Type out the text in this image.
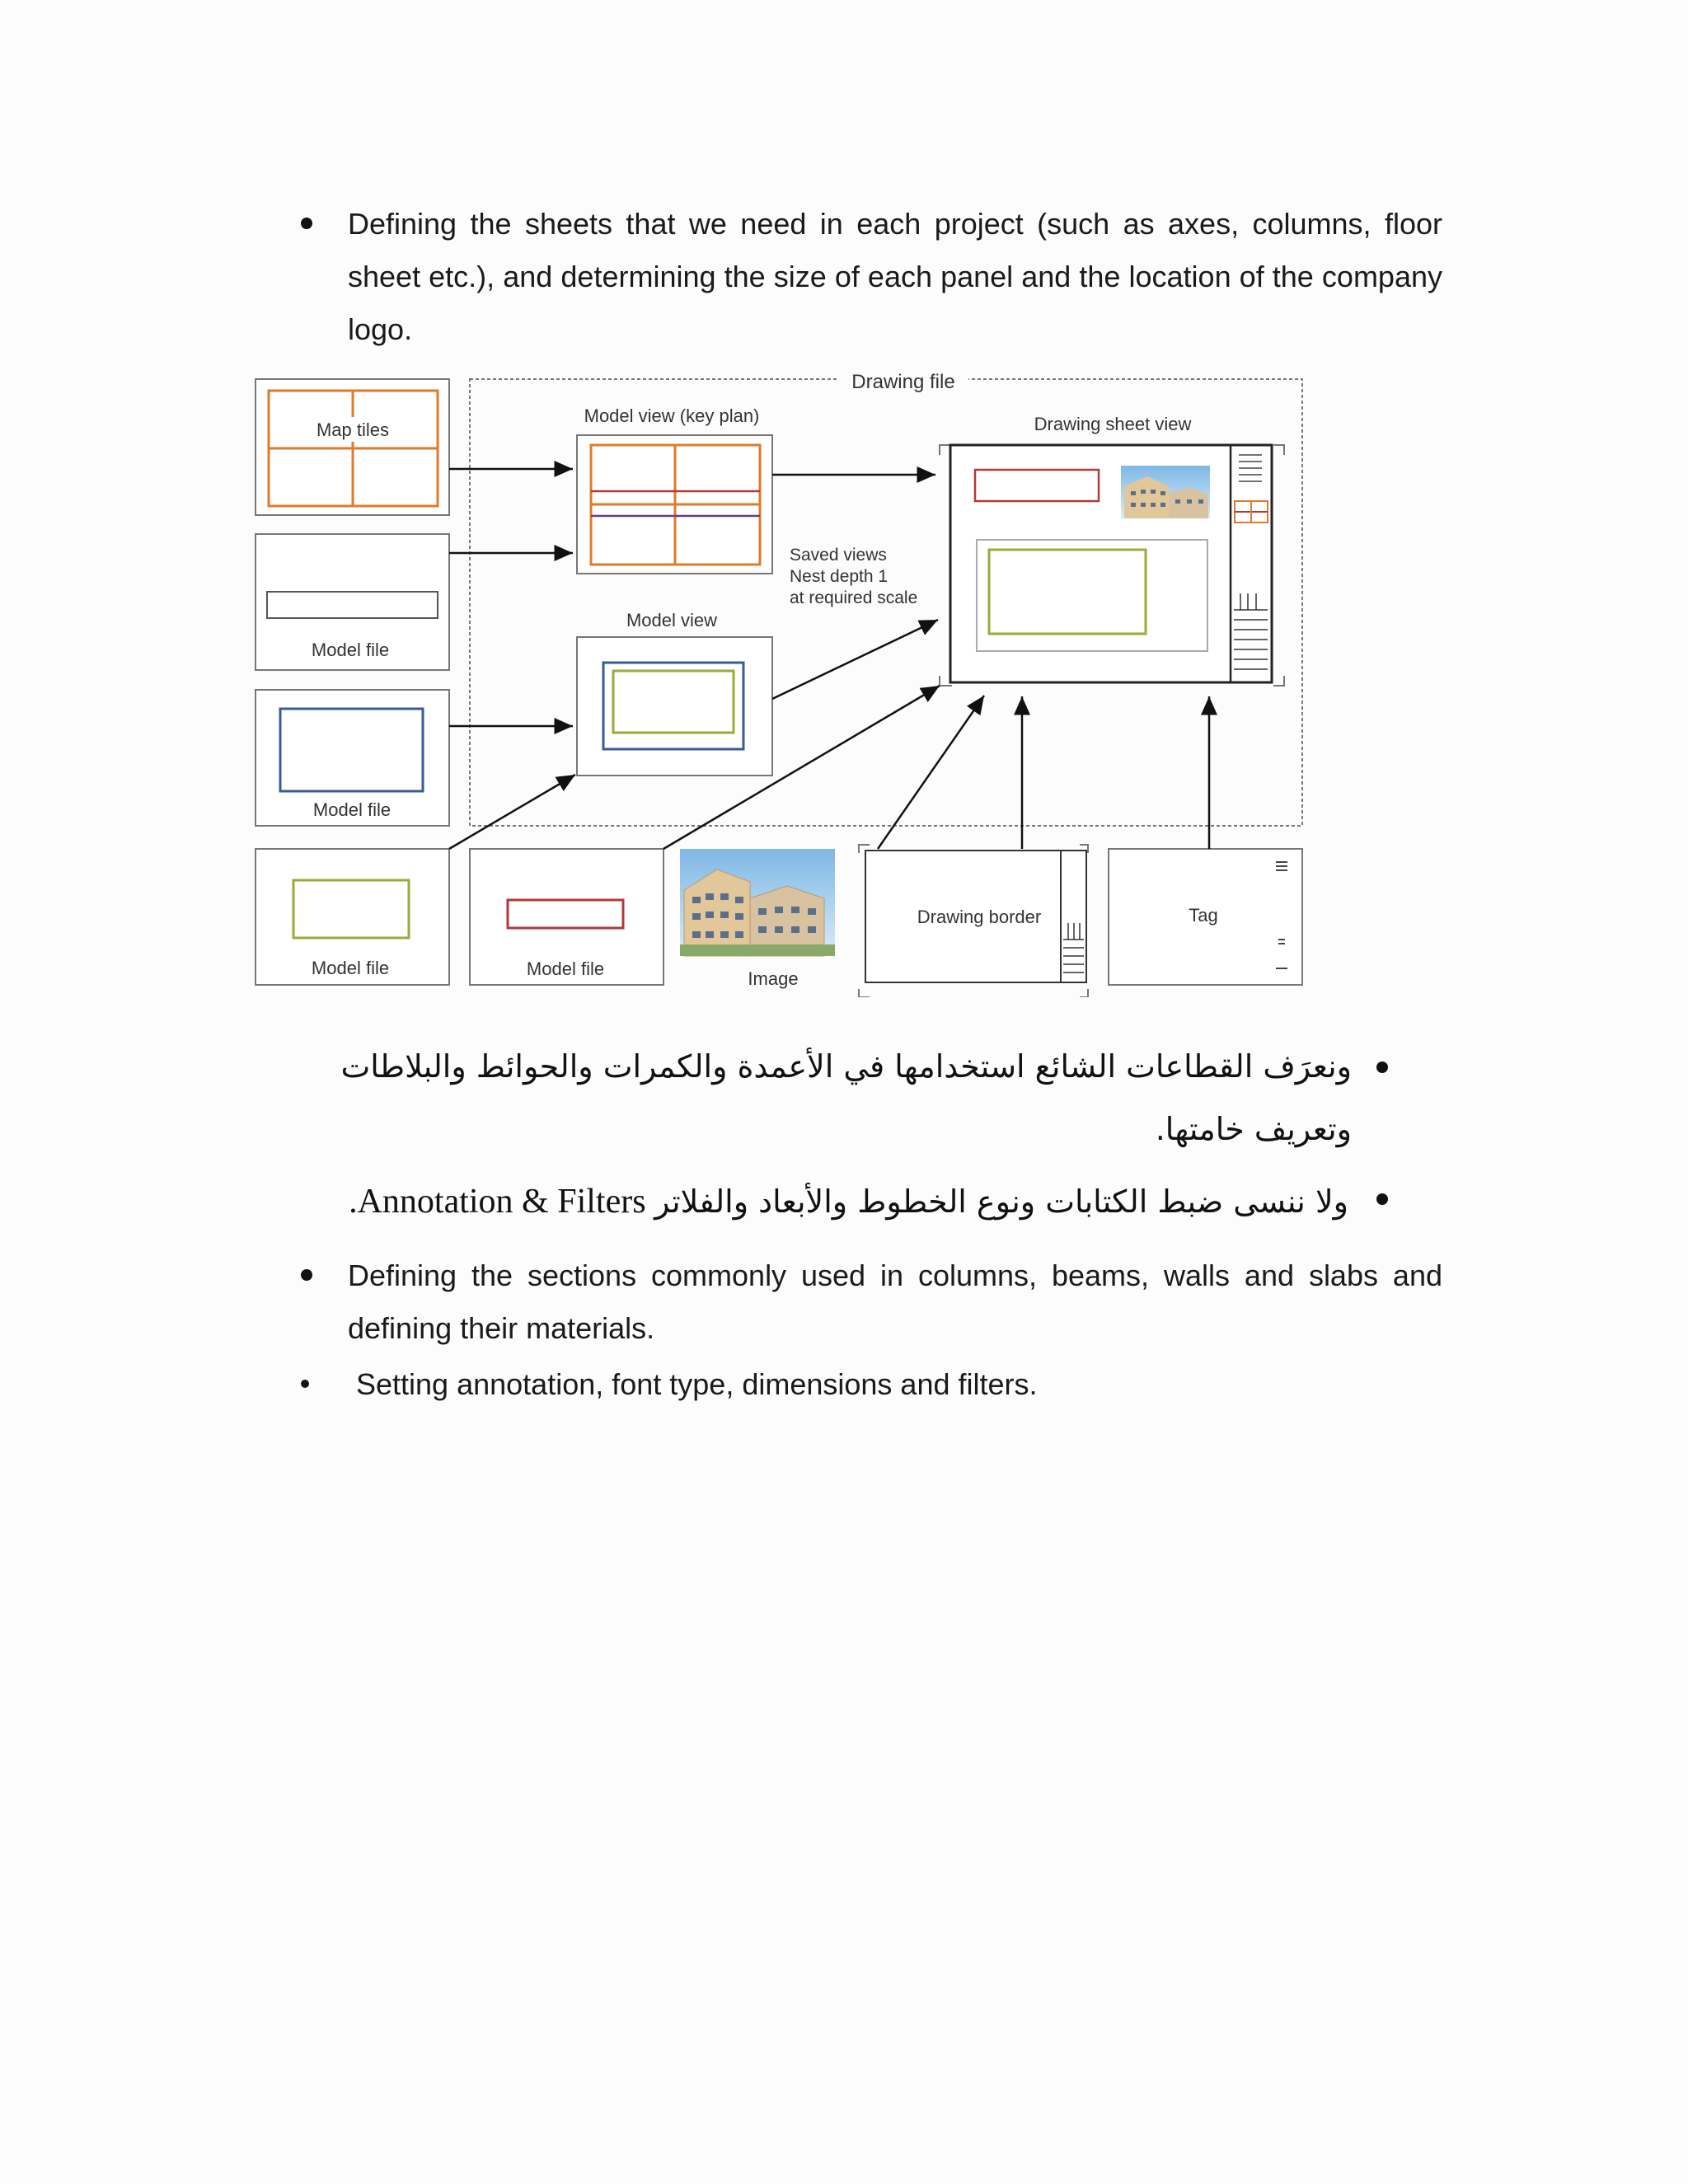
Defining the sheets that we need in each project (such as axes, columns, floor sheet etc.), and determining the size of each panel and the location of the company logo.
Drawing file
Map tiles
Model file
Model file
Model file	Model file	Image
Drawing border	Tag
Model view (key plan)
Saved views
Nest depth 1
at required scale
Model view
Drawing sheet view
ونعرَف القطاعات الشائع استخدامها في الأعمدة والكمرات والحوائط والبلاطات وتعريف خامتها.
ولا ننسى ضبط الكتابات ونوع الخطوط والأبعاد والفلاتر Annotation & Filters.
Defining the sections commonly used in columns, beams, walls and slabs and defining their materials.
Setting annotation, font type, dimensions and filters.
